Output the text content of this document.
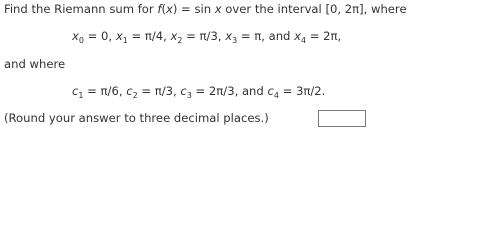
Find the Riemann sum for f(x) = sin x over the interval [0, 2π], where
$x_0 = 0$, $x_1 = \pi/4$, $x_2 = \pi/3$, $x_3 = \pi$, and $x_4 = 2\pi$,
and where
$c_1 = \pi/6$, $c_2 = \pi/3$, $c_3 = 2\pi/3$, and $c_4 = 3\pi/2$.
(Round your answer to three decimal places.)
